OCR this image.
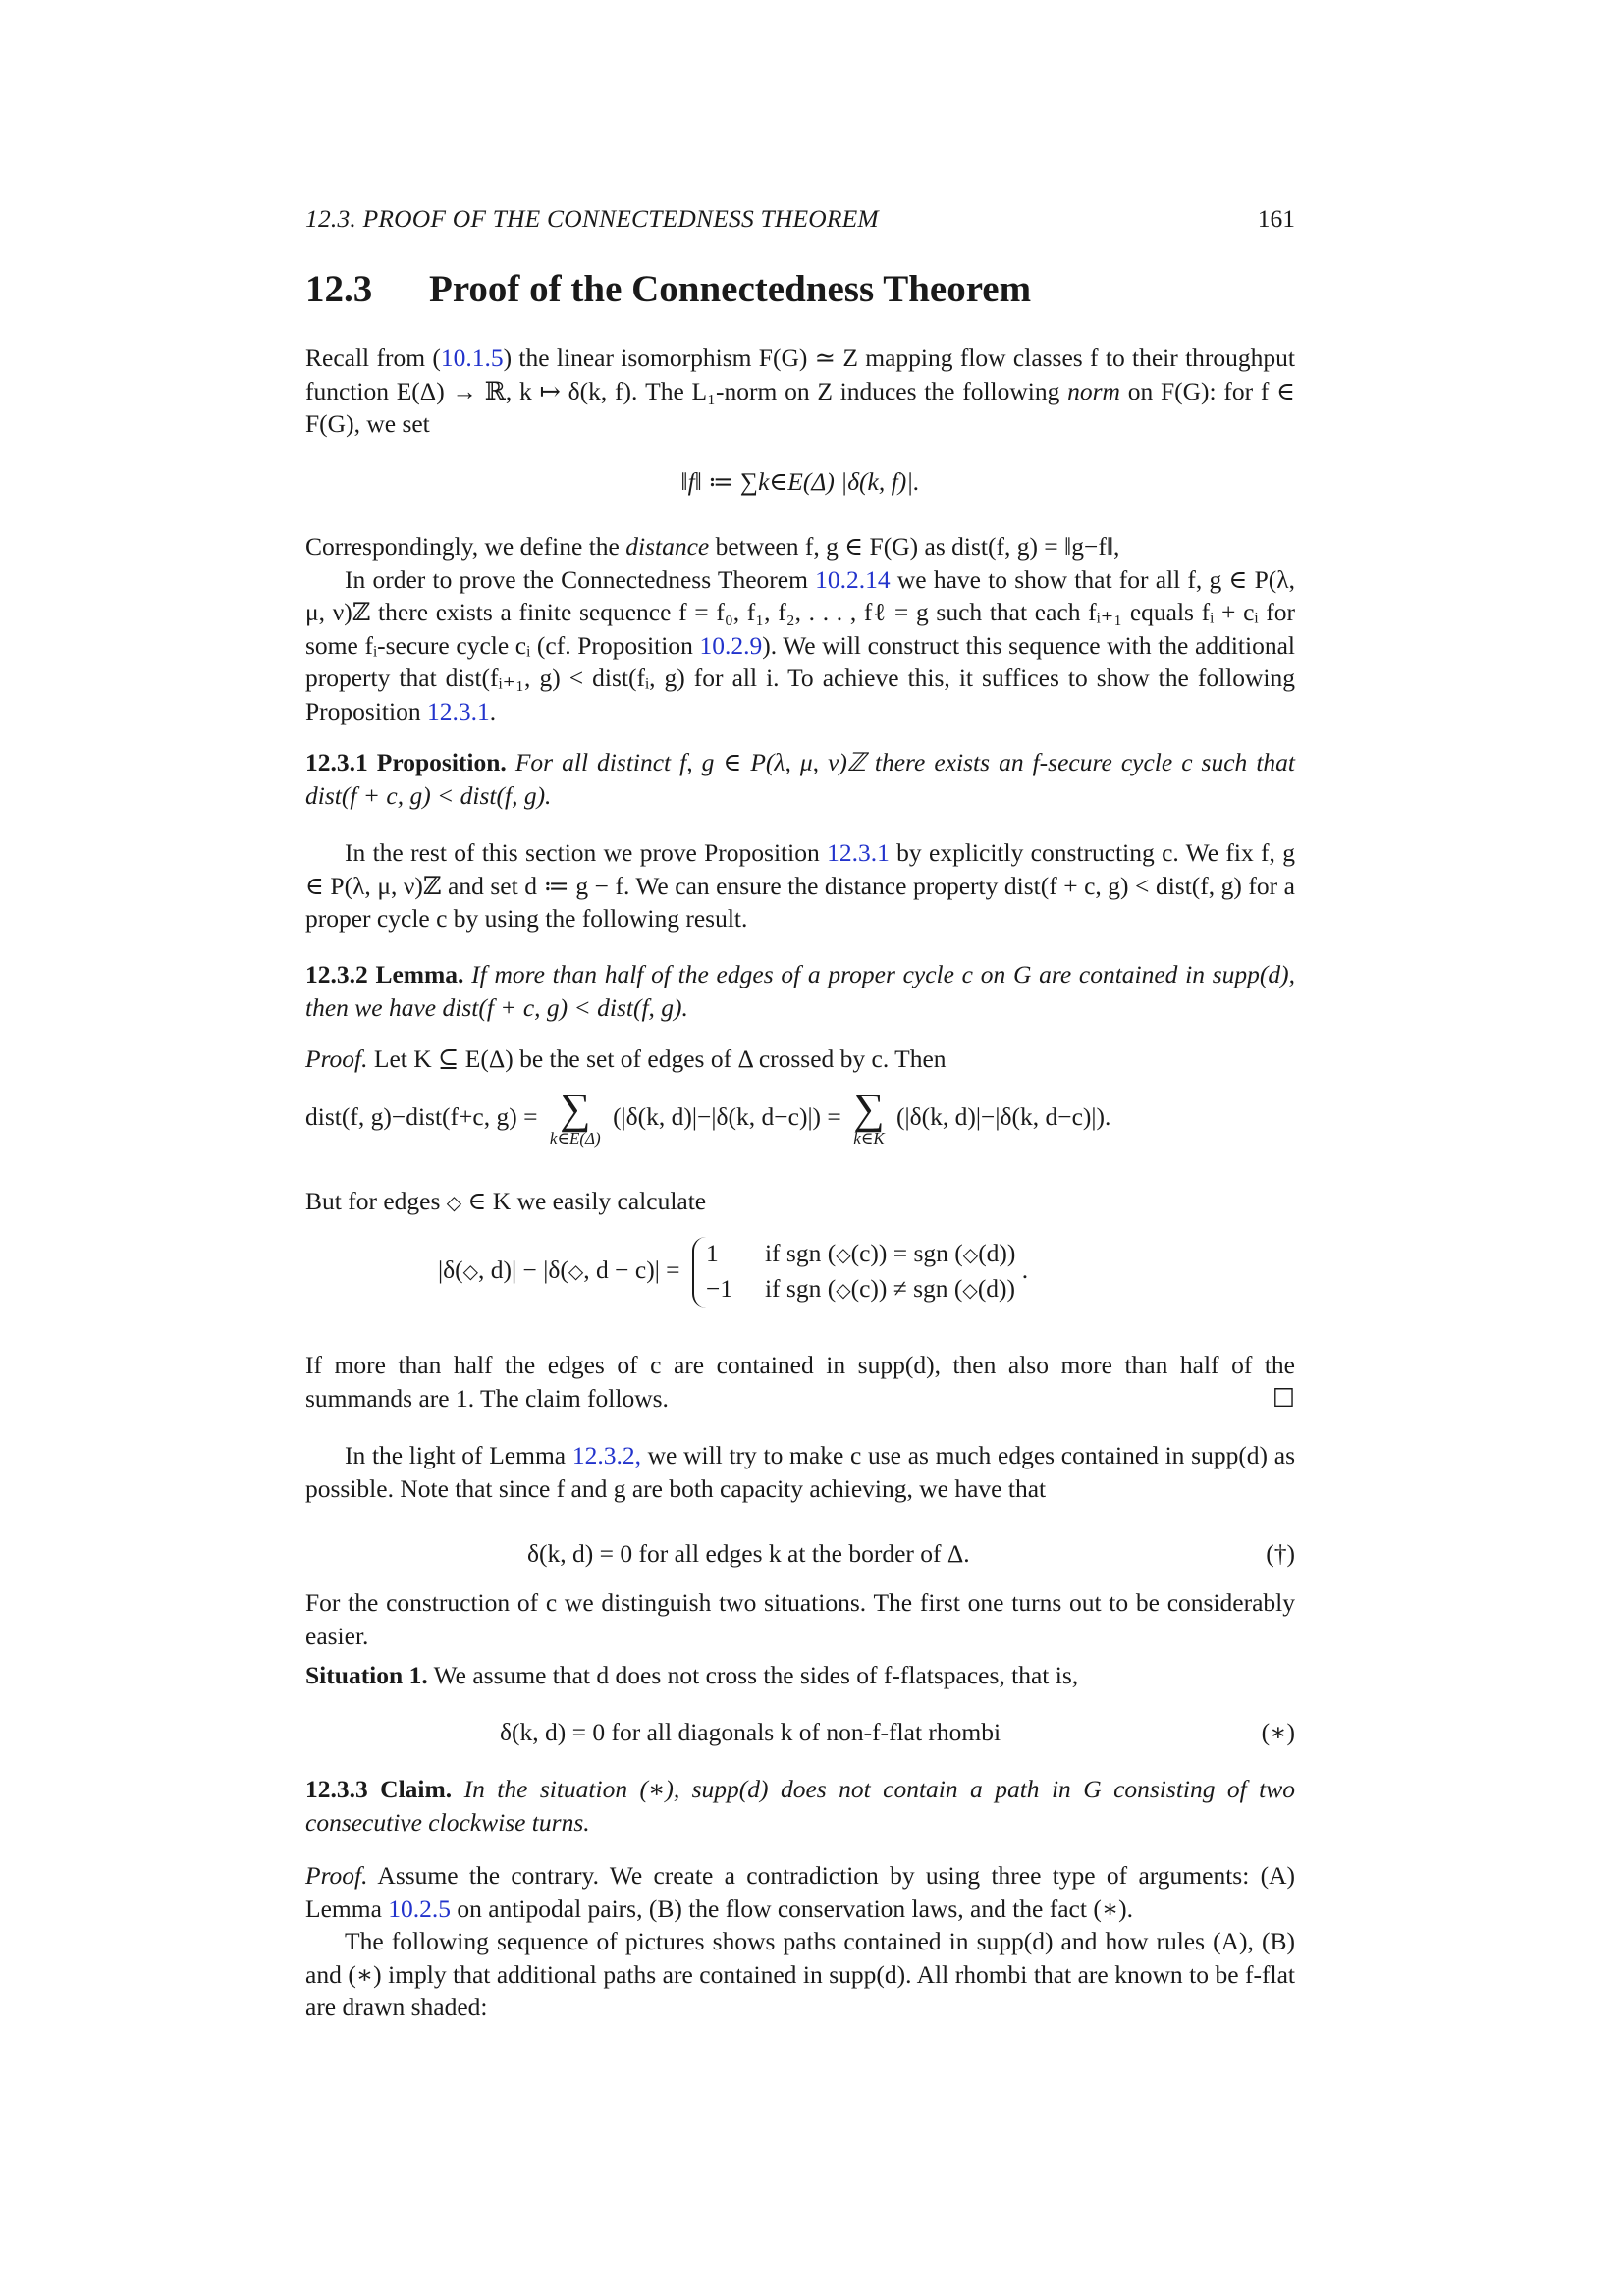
12.3. PROOF OF THE CONNECTEDNESS THEOREM	161
12.3 Proof of the Connectedness Theorem

Recall from (10.1.5) the linear isomorphism F(G) ≃ Z mapping flow classes f to their throughput function E(Δ) → ℝ, k ↦ δ(k, f). The L₁-norm on Z induces the following norm on F(G): for f ∈ F(G), we set

‖f‖ ≔ ∑k∈E(Δ) |δ(k, f)|.

Correspondingly, we define the distance between f, g ∈ F(G) as dist(f, g) = ‖g−f‖,

In order to prove the Connectedness Theorem 10.2.14 we have to show that for all f, g ∈ P(λ, μ, ν)ℤ there exists a finite sequence f = f₀, f₁, f₂, . . . , fℓ = g such that each fᵢ₊₁ equals fᵢ + cᵢ for some fᵢ-secure cycle cᵢ (cf. Proposition 10.2.9). We will construct this sequence with the additional property that dist(fᵢ₊₁, g) < dist(fᵢ, g) for all i. To achieve this, it suffices to show the following Proposition 12.3.1.

12.3.1 Proposition. For all distinct f, g ∈ P(λ, μ, ν)ℤ there exists an f-secure cycle c such that dist(f + c, g) < dist(f, g).

In the rest of this section we prove Proposition 12.3.1 by explicitly constructing c. We fix f, g ∈ P(λ, μ, ν)ℤ and set d ≔ g − f. We can ensure the distance property dist(f + c, g) < dist(f, g) for a proper cycle c by using the following result.

12.3.2 Lemma. If more than half of the edges of a proper cycle c on G are contained in supp(d), then we have dist(f + c, g) < dist(f, g).

Proof. Let K ⊆ E(Δ) be the set of edges of Δ crossed by c. Then

dist(f, g)−dist(f+c, g) = ∑
k∈E(Δ)
(|δ(k, d)|−|δ(k, d−c)|) = ∑
k∈K
(|δ(k, d)|−|δ(k, d−c)|).

But for edges ◇ ∈ K we easily calculate

|δ(◇, d)| − |δ(◇, d − c)| =
1 if sgn (◇(c)) = sgn (◇(d))
−1 if sgn (◇(c)) ≠ sgn (◇(d))
.

If more than half the edges of c are contained in supp(d), then also more than half of the summands are 1. The claim follows.	☐

In the light of Lemma 12.3.2, we will try to make c use as much edges contained in supp(d) as possible. Note that since f and g are both capacity achieving, we have that

δ(k, d) = 0 for all edges k at the border of Δ.	(†)

For the construction of c we distinguish two situations. The first one turns out to be considerably easier.

Situation 1. We assume that d does not cross the sides of f-flatspaces, that is,

δ(k, d) = 0 for all diagonals k of non-f-flat rhombi	(∗)

12.3.3 Claim. In the situation (∗), supp(d) does not contain a path in G consisting of two consecutive clockwise turns.

Proof. Assume the contrary. We create a contradiction by using three type of arguments: (A) Lemma 10.2.5 on antipodal pairs, (B) the flow conservation laws, and the fact (∗).

The following sequence of pictures shows paths contained in supp(d) and how rules (A), (B) and (∗) imply that additional paths are contained in supp(d). All rhombi that are known to be f-flat are drawn shaded:
